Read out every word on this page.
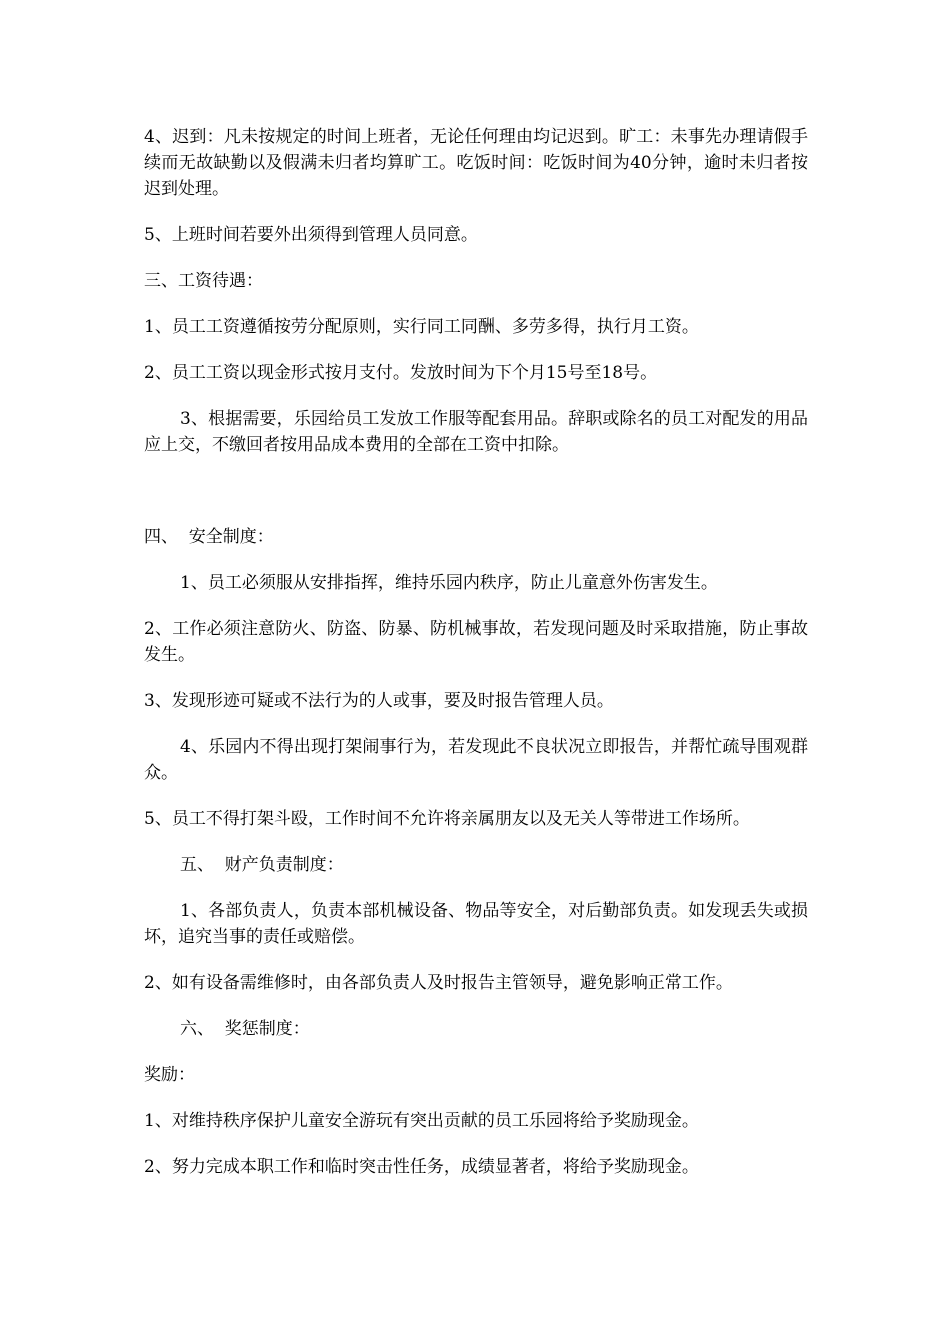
4、迟到：凡未按规定的时间上班者，无论任何理由均记迟到。旷工：未事先办理请假手续而无故缺勤以及假满未归者均算旷工。吃饭时间：吃饭时间为40分钟，逾时未归者按迟到处理。

5、上班时间若要外出须得到管理人员同意。

三、工资待遇：

1、员工工资遵循按劳分配原则，实行同工同酬、多劳多得，执行月工资。

2、员工工资以现金形式按月支付。发放时间为下个月15号至18号。

3、根据需要，乐园给员工发放工作服等配套用品。辞职或除名的员工对配发的用品应上交，不缴回者按用品成本费用的全部在工资中扣除。

四、  安全制度：

1、员工必须服从安排指挥，维持乐园内秩序，防止儿童意外伤害发生。

2、工作必须注意防火、防盗、防暴、防机械事故，若发现问题及时采取措施，防止事故发生。

3、发现形迹可疑或不法行为的人或事，要及时报告管理人员。

4、乐园内不得出现打架闹事行为，若发现此不良状况立即报告，并帮忙疏导围观群众。

5、员工不得打架斗殴，工作时间不允许将亲属朋友以及无关人等带进工作场所。

五、  财产负责制度：

1、各部负责人，负责本部机械设备、物品等安全，对后勤部负责。如发现丢失或损坏，追究当事的责任或赔偿。

2、如有设备需维修时，由各部负责人及时报告主管领导，避免影响正常工作。

六、  奖惩制度：

奖励：

1、对维持秩序保护儿童安全游玩有突出贡献的员工乐园将给予奖励现金。

2、努力完成本职工作和临时突击性任务，成绩显著者，将给予奖励现金。
